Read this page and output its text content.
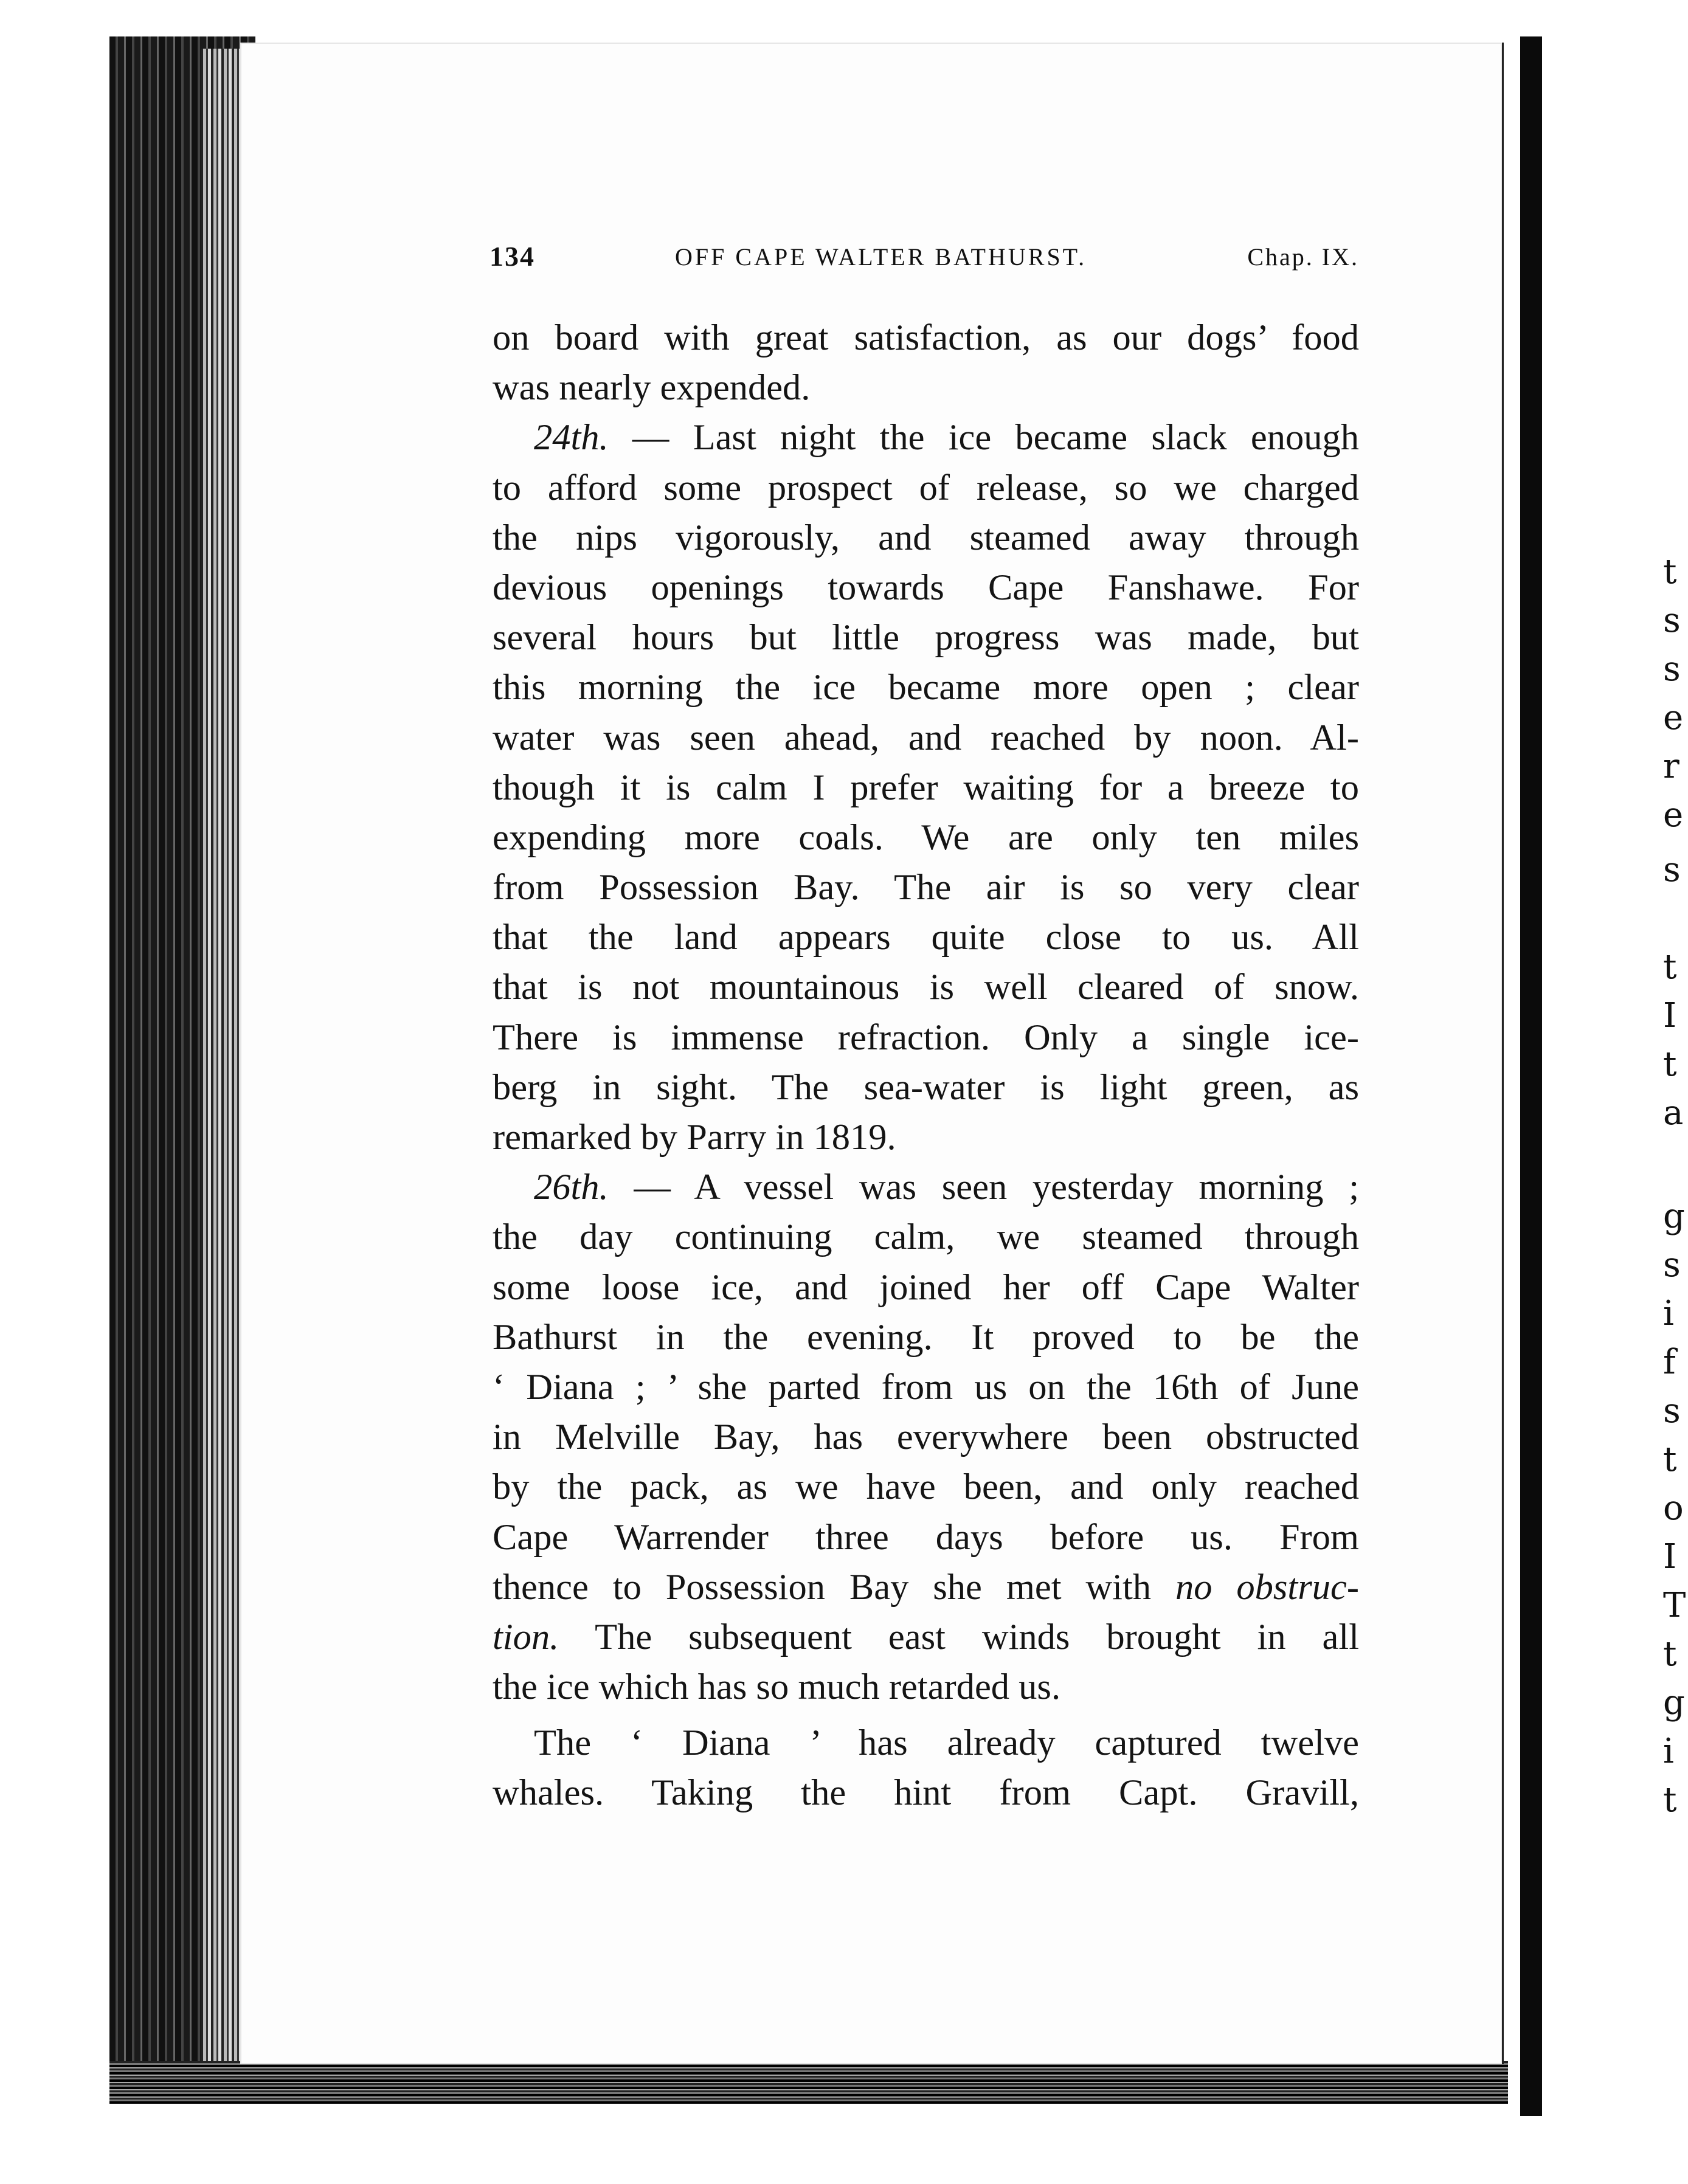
134	OFF CAPE WALTER BATHURST.	Chap. IX.
on board with great satisfaction, as our dogs’ food
was nearly expended.
24th. — Last night the ice became slack enough
to afford some prospect of release, so we charged
the nips vigorously, and steamed away through
devious openings towards Cape Fanshawe. For
several hours but little progress was made, but
this morning the ice became more open ; clear
water was seen ahead, and reached by noon. Al-
though it is calm I prefer waiting for a breeze to
expending more coals. We are only ten miles
from Possession Bay. The air is so very clear
that the land appears quite close to us. All
that is not mountainous is well cleared of snow.
There is immense refraction. Only a single ice-
berg in sight. The sea-water is light green, as
remarked by Parry in 1819.
26th. — A vessel was seen yesterday morning ;
the day continuing calm, we steamed through
some loose ice, and joined her off Cape Walter
Bathurst in the evening. It proved to be the
‘ Diana ; ’ she parted from us on the 16th of June
in Melville Bay, has everywhere been obstructed
by the pack, as we have been, and only reached
Cape Warrender three days before us. From
thence to Possession Bay she met with no obstruc-
tion. The subsequent east winds brought in all
the ice which has so much retarded us.
The ‘ Diana ’ has already captured twelve
whales. Taking the hint from Capt. Gravill,
t
s
s
e
r
e
s
t
I
t
a
g
s
i
f
s
t
o
I
T
t
g
i
t
